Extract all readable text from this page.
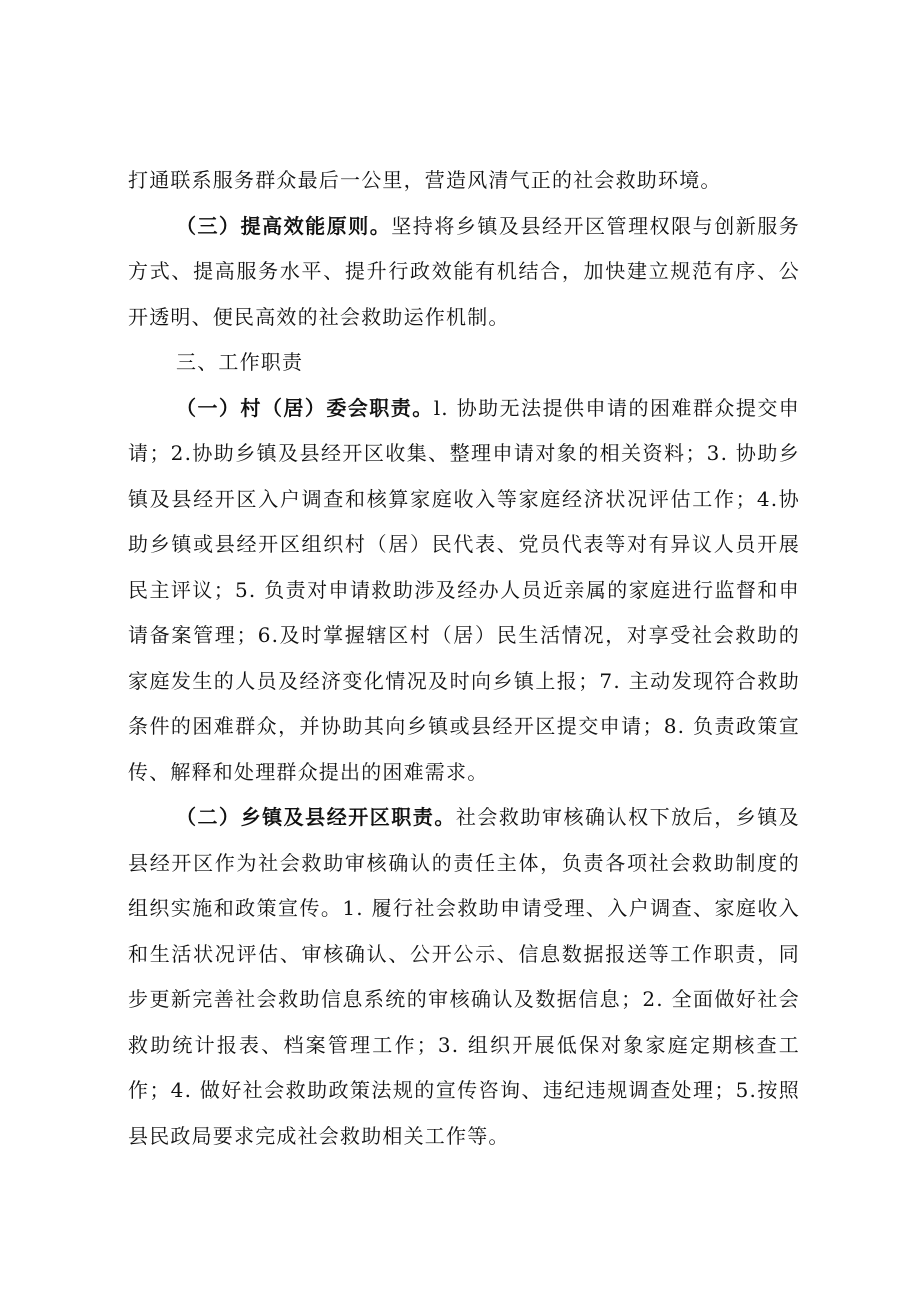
打通联系服务群众最后一公里，营造风清气正的社会救助环境。

（三）提高效能原则。坚持将乡镇及县经开区管理权限与创新服务方式、提高服务水平、提升行政效能有机结合，加快建立规范有序、公开透明、便民高效的社会救助运作机制。

三、工作职责

（一）村（居）委会职责。l. 协助无法提供申请的困难群众提交申请；2.协助乡镇及县经开区收集、整理申请对象的相关资料；3. 协助乡镇及县经开区入户调查和核算家庭收入等家庭经济状况评估工作；4.协助乡镇或县经开区组织村（居）民代表、党员代表等对有异议人员开展民主评议；5. 负责对申请救助涉及经办人员近亲属的家庭进行监督和申请备案管理；6.及时掌握辖区村（居）民生活情况，对享受社会救助的家庭发生的人员及经济变化情况及时向乡镇上报；7. 主动发现符合救助条件的困难群众，并协助其向乡镇或县经开区提交申请；8. 负责政策宣传、解释和处理群众提出的困难需求。

（二）乡镇及县经开区职责。社会救助审核确认权下放后，乡镇及县经开区作为社会救助审核确认的责任主体，负责各项社会救助制度的组织实施和政策宣传。1. 履行社会救助申请受理、入户调查、家庭收入和生活状况评估、审核确认、公开公示、信息数据报送等工作职责，同步更新完善社会救助信息系统的审核确认及数据信息；2. 全面做好社会救助统计报表、档案管理工作；3. 组织开展低保对象家庭定期核查工作；4. 做好社会救助政策法规的宣传咨询、违纪违规调查处理；5.按照县民政局要求完成社会救助相关工作等。
